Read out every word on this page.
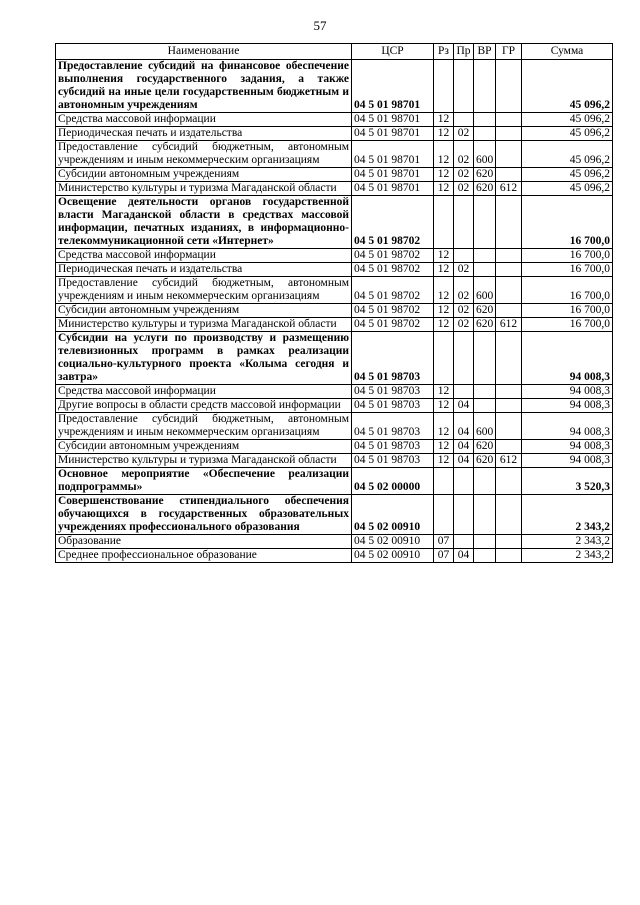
57
Наименование	ЦСР	Рз	Пр	ВР	ГР	Сумма
Предоставление субсидий на финансовое обеспечение выполнения государственного задания, а также субсидий на иные цели государственным бюджетным и автономным учреждениям	04 5 01 98701					45 096,2
Средства массовой информации	04 5 01 98701	12				45 096,2
Периодическая печать и издательства	04 5 01 98701	12	02			45 096,2
Предоставление субсидий бюджетным, автономным учреждениям и иным некоммерческим организациям	04 5 01 98701	12	02	600		45 096,2
Субсидии автономным учреждениям	04 5 01 98701	12	02	620		45 096,2
Министерство культуры и туризма Магаданской области	04 5 01 98701	12	02	620	612	45 096,2
Освещение деятельности органов государственной власти Магаданской области в средствах массовой информации, печатных изданиях, в информационно-телекоммуникационной сети «Интернет»	04 5 01 98702					16 700,0
Средства массовой информации	04 5 01 98702	12				16 700,0
Периодическая печать и издательства	04 5 01 98702	12	02			16 700,0
Предоставление субсидий бюджетным, автономным учреждениям и иным некоммерческим организациям	04 5 01 98702	12	02	600		16 700,0
Субсидии автономным учреждениям	04 5 01 98702	12	02	620		16 700,0
Министерство культуры и туризма Магаданской области	04 5 01 98702	12	02	620	612	16 700,0
Субсидии на услуги по производству и размещению телевизионных программ в рамках реализации социально-культурного проекта «Колыма сегодня и завтра»	04 5 01 98703					94 008,3
Средства массовой информации	04 5 01 98703	12				94 008,3
Другие вопросы в области средств массовой информации	04 5 01 98703	12	04			94 008,3
Предоставление субсидий бюджетным, автономным учреждениям и иным некоммерческим организациям	04 5 01 98703	12	04	600		94 008,3
Субсидии автономным учреждениям	04 5 01 98703	12	04	620		94 008,3
Министерство культуры и туризма Магаданской области	04 5 01 98703	12	04	620	612	94 008,3
Основное мероприятие «Обеспечение реализации подпрограммы»	04 5 02 00000					3 520,3
Совершенствование стипендиального обеспечения обучающихся в государственных образовательных учреждениях профессионального образования	04 5 02 00910					2 343,2
Образование	04 5 02 00910	07				2 343,2
Среднее профессиональное образование	04 5 02 00910	07	04			2 343,2
